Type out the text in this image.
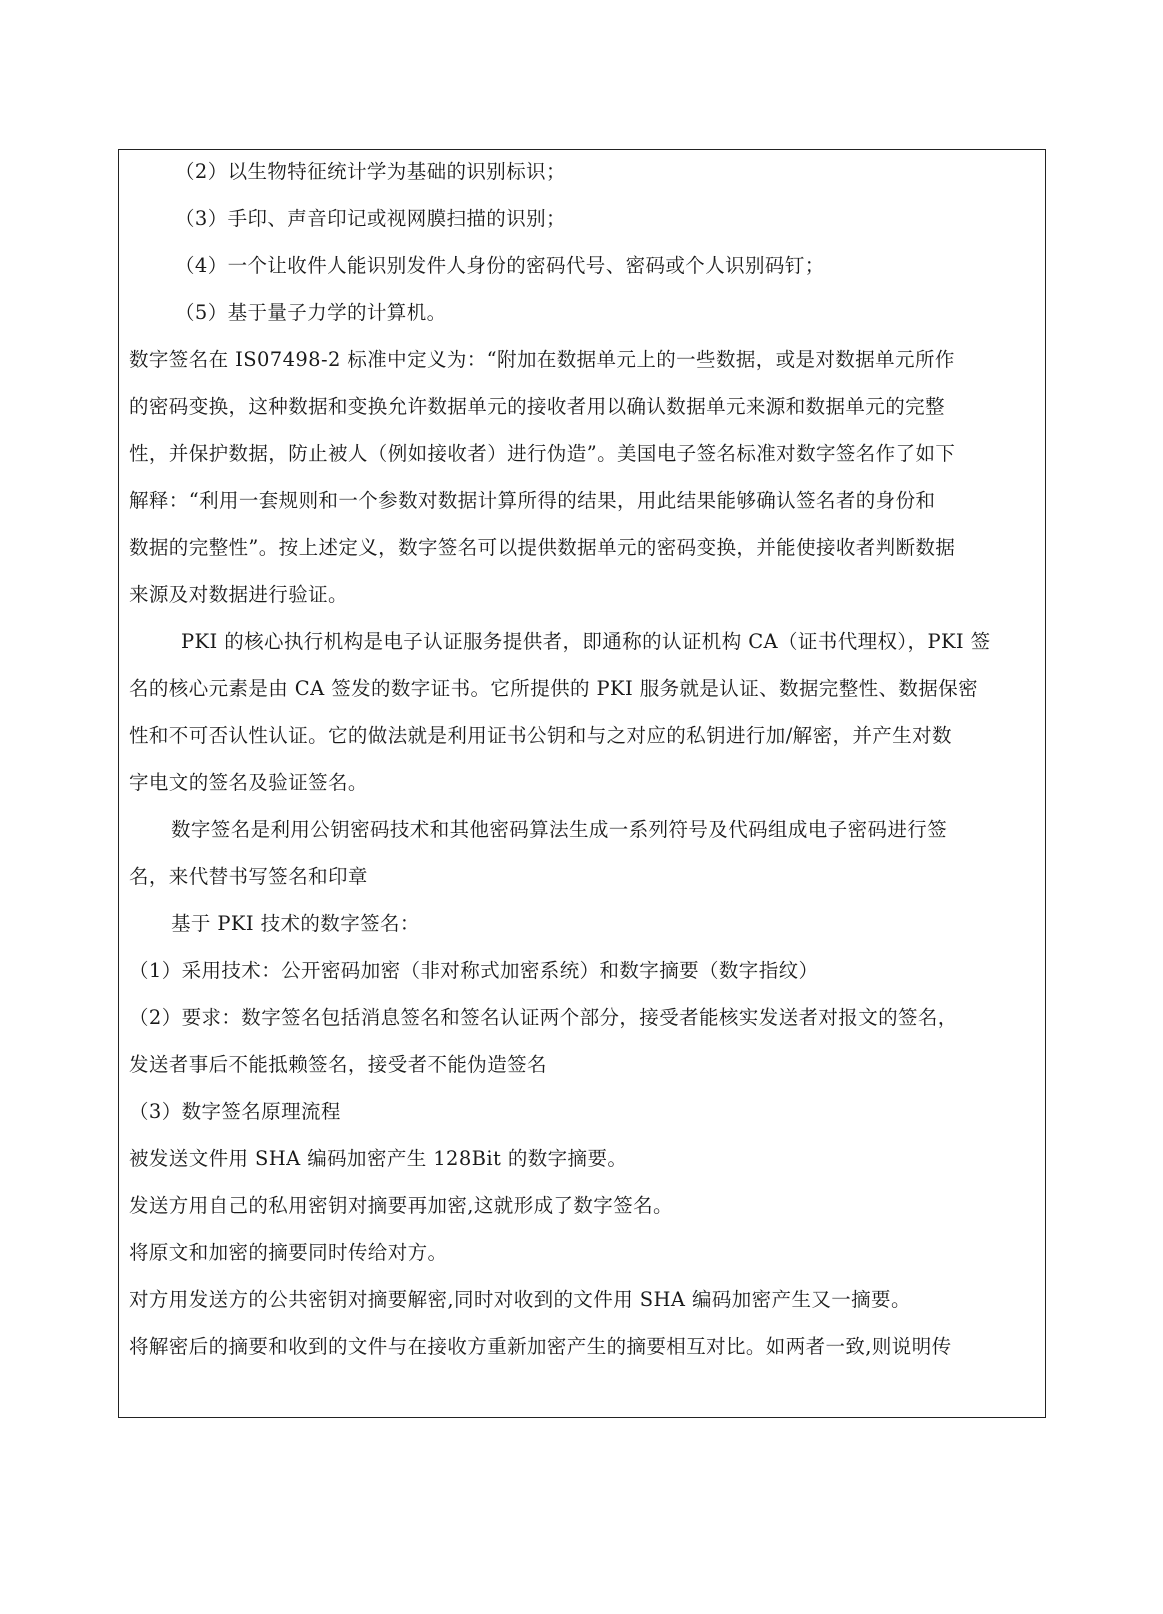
（2）以生物特征统计学为基础的识别标识；
（3）手印、声音印记或视网膜扫描的识别；
（4）一个让收件人能识别发件人身份的密码代号、密码或个人识别码钉；
（5）基于量子力学的计算机。
数字签名在 IS07498-2 标准中定义为：“附加在数据单元上的一些数据，或是对数据单元所作
的密码变换，这种数据和变换允许数据单元的接收者用以确认数据单元来源和数据单元的完整
性，并保护数据，防止被人（例如接收者）进行伪造”。美国电子签名标准对数字签名作了如下
解释：“利用一套规则和一个参数对数据计算所得的结果，用此结果能够确认签名者的身份和
数据的完整性”。按上述定义，数字签名可以提供数据单元的密码变换，并能使接收者判断数据
来源及对数据进行验证。
PKI 的核心执行机构是电子认证服务提供者，即通称的认证机构 CA（证书代理权），PKI 签
名的核心元素是由 CA 签发的数字证书。它所提供的 PKI 服务就是认证、数据完整性、数据保密
性和不可否认性认证。它的做法就是利用证书公钥和与之对应的私钥进行加/解密，并产生对数
字电文的签名及验证签名。
数字签名是利用公钥密码技术和其他密码算法生成一系列符号及代码组成电子密码进行签
名，来代替书写签名和印章
基于 PKI 技术的数字签名：
（1）采用技术：公开密码加密（非对称式加密系统）和数字摘要（数字指纹）
（2）要求：数字签名包括消息签名和签名认证两个部分，接受者能核实发送者对报文的签名，
发送者事后不能抵赖签名，接受者不能伪造签名
（3）数字签名原理流程
被发送文件用 SHA 编码加密产生 128Bit 的数字摘要。
发送方用自己的私用密钥对摘要再加密,这就形成了数字签名。
将原文和加密的摘要同时传给对方。
对方用发送方的公共密钥对摘要解密,同时对收到的文件用 SHA 编码加密产生又一摘要。
将解密后的摘要和收到的文件与在接收方重新加密产生的摘要相互对比。如两者一致,则说明传
